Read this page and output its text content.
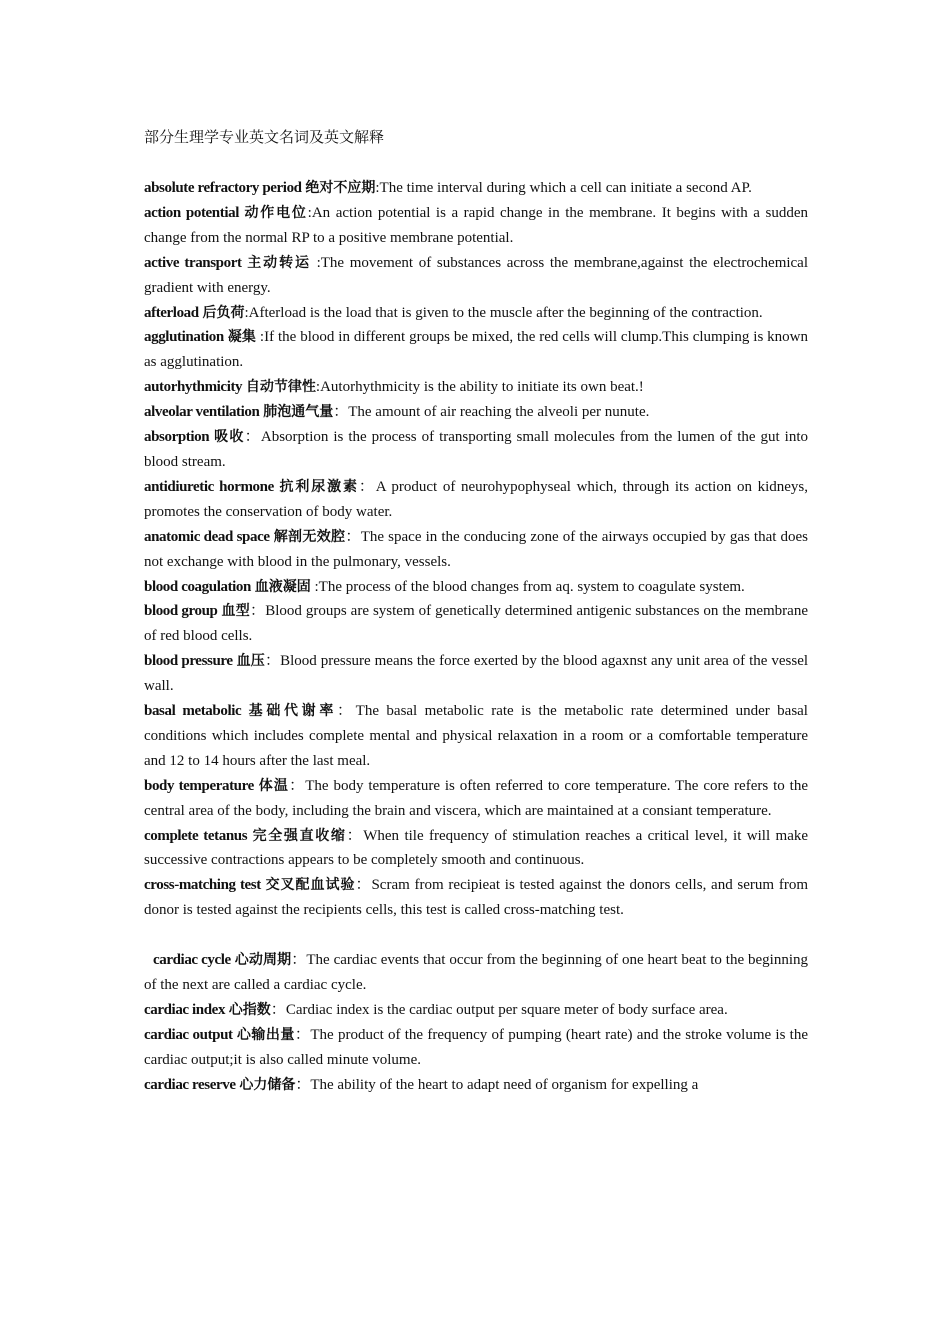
部分生理学专业英文名词及英文解释

absolute refractory period 绝对不应期:The time interval during which a cell can initiate a second AP.

action potential 动作电位:An action potential is a rapid change in the membrane. It begins with a sudden change from the normal RP to a positive membrane potential.

active transport 主动转运 :The movement of substances across the membrane,against the electrochemical gradient with energy.

afterload 后负荷:Afterload is the load that is given to the muscle after the beginning of the contraction.

agglutination 凝集 :If the blood in different groups be mixed, the red cells will clump.This clumping is known as agglutination.

autorhythmicity 自动节律性:Autorhythmicity is the ability to initiate its own beat.!

alveolar ventilation 肺泡通气量：The amount of air reaching the alveoli per nunute.

absorption 吸收：Absorption is the process of transporting small molecules from the lumen of the gut into blood stream.

antidiuretic hormone 抗利尿激素：A product of neurohypophyseal which, through its action on kidneys, promotes the conservation of body water.

anatomic dead space 解剖无效腔：The space in the conducing zone of the airways occupied by gas that does not exchange with blood in the pulmonary, vessels.

blood coagulation 血液凝固 :The process of the blood changes from aq. system to coagulate system.

blood group 血型：Blood groups are system of genetically determined antigenic substances on the membrane of red blood cells.

blood pressure 血压：Blood pressure means the force exerted by the blood agaxnst any unit area of the vessel wall.

basal metabolic 基础代谢率：The basal metabolic rate is the metabolic rate determined under basal conditions which includes complete mental and physical relaxation in a room or a comfortable temperature and 12 to 14 hours after the last meal.

body temperature 体温：The body temperature is often referred to core temperature. The core refers to the central area of the body, including the brain and viscera, which are maintained at a consiant temperature.

complete tetanus 完全强直收缩：When tile frequency of stimulation reaches a critical level, it will make successive contractions appears to be completely smooth and continuous.

cross-matching test 交叉配血试验：Scram from recipieat is tested against the donors cells, and serum from donor is tested against the recipients cells, this test is called cross-matching test.

cardiac cycle 心动周期：The cardiac events that occur from the beginning of one heart beat to the beginning of the next are called a cardiac cycle.

cardiac index 心指数：Cardiac index is the cardiac output per square meter of body surface area.

cardiac output 心输出量：The product of the frequency of pumping (heart rate) and the stroke volume is the cardiac output;it is also called minute volume.

cardiac reserve 心力储备：The ability of the heart to adapt need of organism for expelling a
